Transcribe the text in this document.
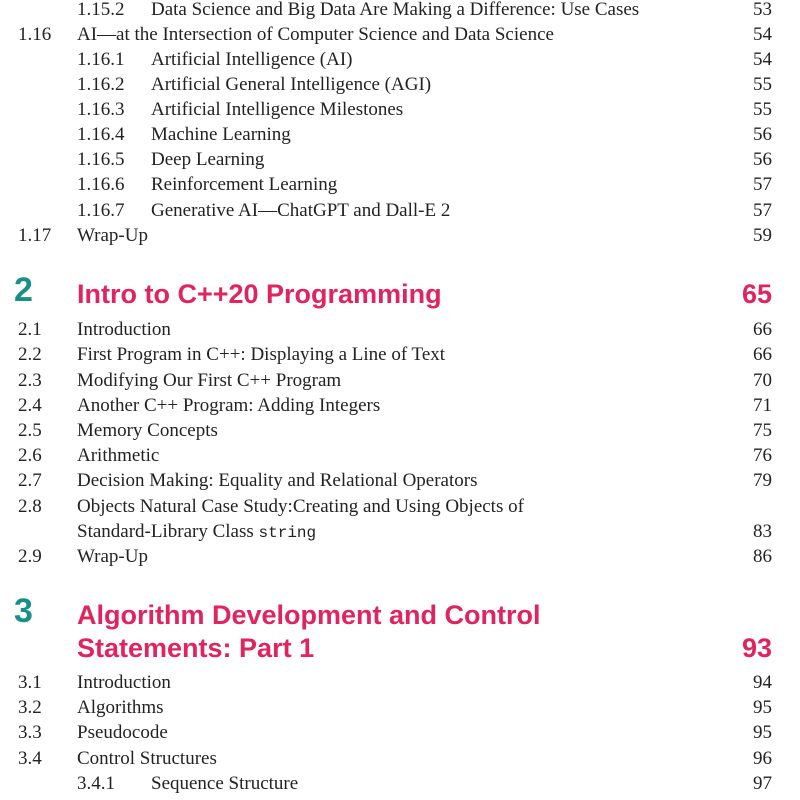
1.15.2 Data Science and Big Data Are Making a Difference: Use Cases	53
1.16 AI—at the Intersection of Computer Science and Data Science	54
1.16.1 Artificial Intelligence (AI)	54
1.16.2 Artificial General Intelligence (AGI)	55
1.16.3 Artificial Intelligence Milestones	55
1.16.4 Machine Learning	56
1.16.5 Deep Learning	56
1.16.6 Reinforcement Learning	57
1.16.7 Generative AI—ChatGPT and Dall-E 2	57
1.17 Wrap-Up	59
2 Intro to C++20 Programming	65
2.1 Introduction	66
2.2 First Program in C++: Displaying a Line of Text	66
2.3 Modifying Our First C++ Program	70
2.4 Another C++ Program: Adding Integers	71
2.5 Memory Concepts	75
2.6 Arithmetic	76
2.7 Decision Making: Equality and Relational Operators	79
2.8 Objects Natural Case Study:Creating and Using Objects of
Standard-Library Class string	83
2.9 Wrap-Up	86
3 Algorithm Development and Control
Statements: Part 1	93
3.1 Introduction	94
3.2 Algorithms	95
3.3 Pseudocode	95
3.4 Control Structures	96
3.4.1 Sequence Structure	97
